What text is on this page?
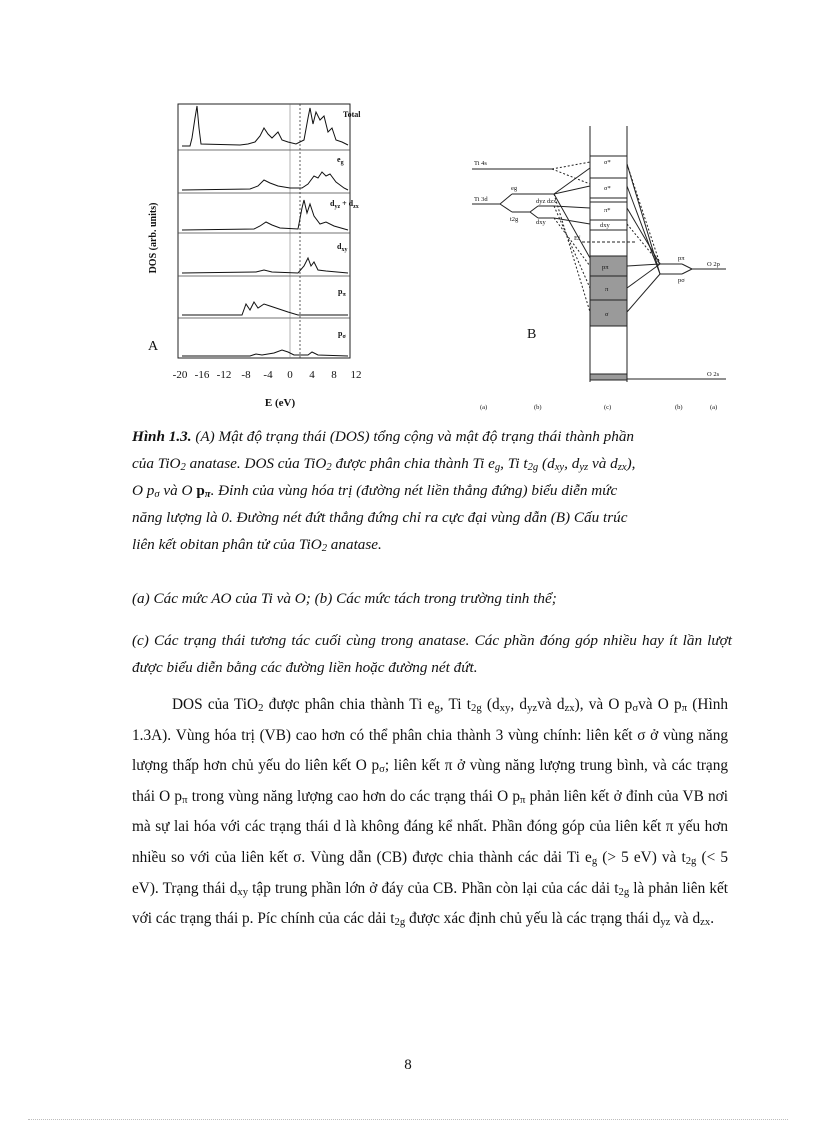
Total
$e_g$
$d_{yz} + d_{zx}$
$d_{xy}$
$p_\pi$
$p_\sigma$
DOS (arb. units)
A
-20 -16 -12 -8 -4 0 4 8 12
E (eV)
Ti 4s
Ti 3d
eg
t2g
dyz dzx
dxy
σ*
σ*
π*
dxy
Ef
pπ
π
σ
pπ
pσ
O 2p
O 2s
(a)	(b)	(c)	(b)	(a)
B
Hình 1.3. (A) Mật độ trạng thái (DOS) tổng cộng và mật độ trạng thái thành phần
của TiO$_2$ anatase. DOS của TiO$_2$ được phân chia thành Ti $e_g$, Ti $t_{2g}$ ($d_{xy}$, $d_{yz}$ và $d_{zx}$),
O $p_\sigma$ và O $p_\pi$. Đỉnh của vùng hóa trị (đường nét liền thẳng đứng) biểu diễn mức
năng lượng là 0. Đường nét đứt thẳng đứng chỉ ra cực đại vùng dẫn (B) Cấu trúc
liên kết obitan phân tử của TiO$_2$ anatase.
(a) Các mức AO của Ti và O; (b) Các mức tách trong trường tinh thể;
(c) Các trạng thái tương tác cuối cùng trong anatase. Các phần đóng góp nhiều hay ít lần lượt được biểu diễn bằng các đường liền hoặc đường nét đứt.

DOS của TiO$_2$ được phân chia thành Ti $e_g$, Ti $t_{2g}$ ($d_{xy}$, $d_{yz}và$ $d_{zx}$), và O $p_\sigma và$ O $p_\pi$ (Hình 1.3A). Vùng hóa trị (VB) cao hơn có thể phân chia thành 3 vùng chính: liên kết σ ở vùng năng lượng thấp hơn chủ yếu do liên kết O $p_\sigma$; liên kết π ở vùng năng lượng trung bình, và các trạng thái O $p_\pi$ trong vùng năng lượng cao hơn do các trạng thái O $p_\pi$ phản liên kết ở đỉnh của VB nơi mà sự lai hóa với các trạng thái d là không đáng kể nhất. Phần đóng góp của liên kết π yếu hơn nhiều so với của liên kết σ. Vùng dẫn (CB) được chia thành các dải Ti $e_g$ (> 5 eV) và $t_{2g}$ (< 5 eV). Trạng thái $d_{xy}$ tập trung phần lớn ở đáy của CB. Phần còn lại của các dải $t_{2g}$ là phản liên kết với các trạng thái p. Píc chính của các dải $t_{2g}$ được xác định chủ yếu là các trạng thái $d_{yz}$ và $d_{zx}$.

8
